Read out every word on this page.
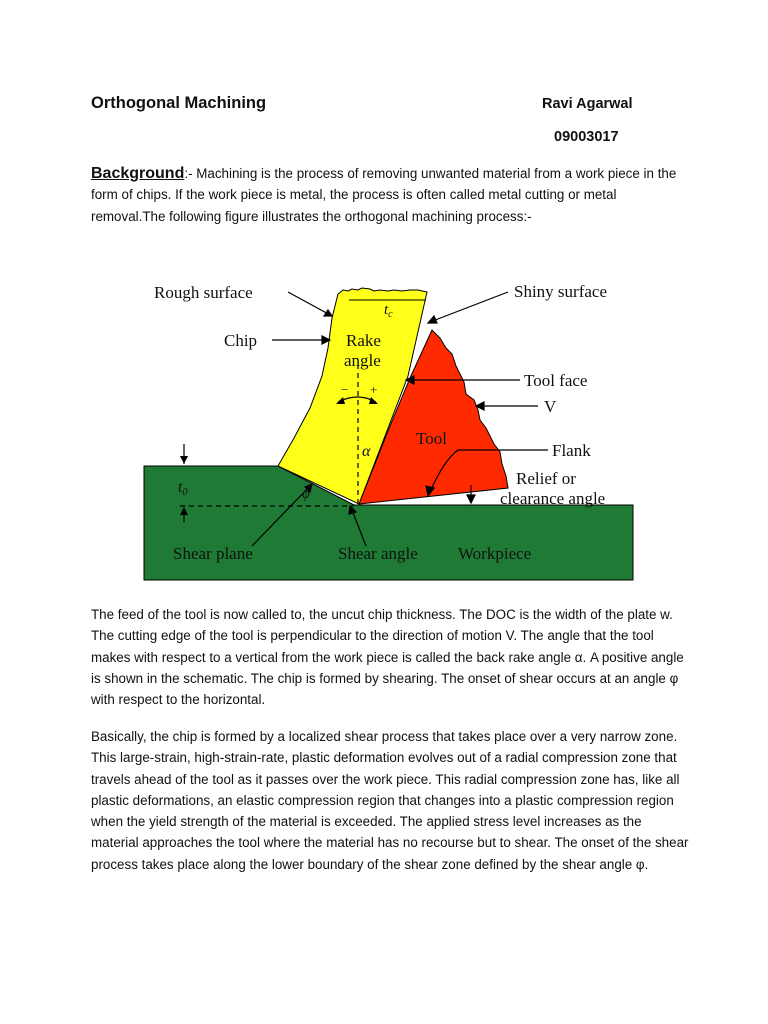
Orthogonal Machining	Ravi Agarwal
09003017
Background:- Machining is the process of removing unwanted material from a work piece in the form of chips. If the work piece is metal, the process is often called metal cutting or metal removal.The following figure illustrates the orthogonal machining process:-
Rough surface	Shiny surface
Chip	Rake
angle
$t_c$
− +	Tool face
V
Tool
α	Flank
t0	ϕ
Relief or
clearance angle
Shear plane	Shear angle Workpiece
The feed of the tool is now called to, the uncut chip thickness. The DOC is the width of the plate w. The cutting edge of the tool is perpendicular to the direction of motion V. The angle that the tool makes with respect to a vertical from the work piece is called the back rake angle α. A positive angle is shown in the schematic. The chip is formed by shearing. The onset of shear occurs at an angle φ with respect to the horizontal.
Basically, the chip is formed by a localized shear process that takes place over a very narrow zone. This large-strain, high-strain-rate, plastic deformation evolves out of a radial compression zone that travels ahead of the tool as it passes over the work piece. This radial compression zone has, like all plastic deformations, an elastic compression region that changes into a plastic compression region when the yield strength of the material is exceeded. The applied stress level increases as the material approaches the tool where the material has no recourse but to shear. The onset of the shear process takes place along the lower boundary of the shear zone defined by the shear angle φ.
